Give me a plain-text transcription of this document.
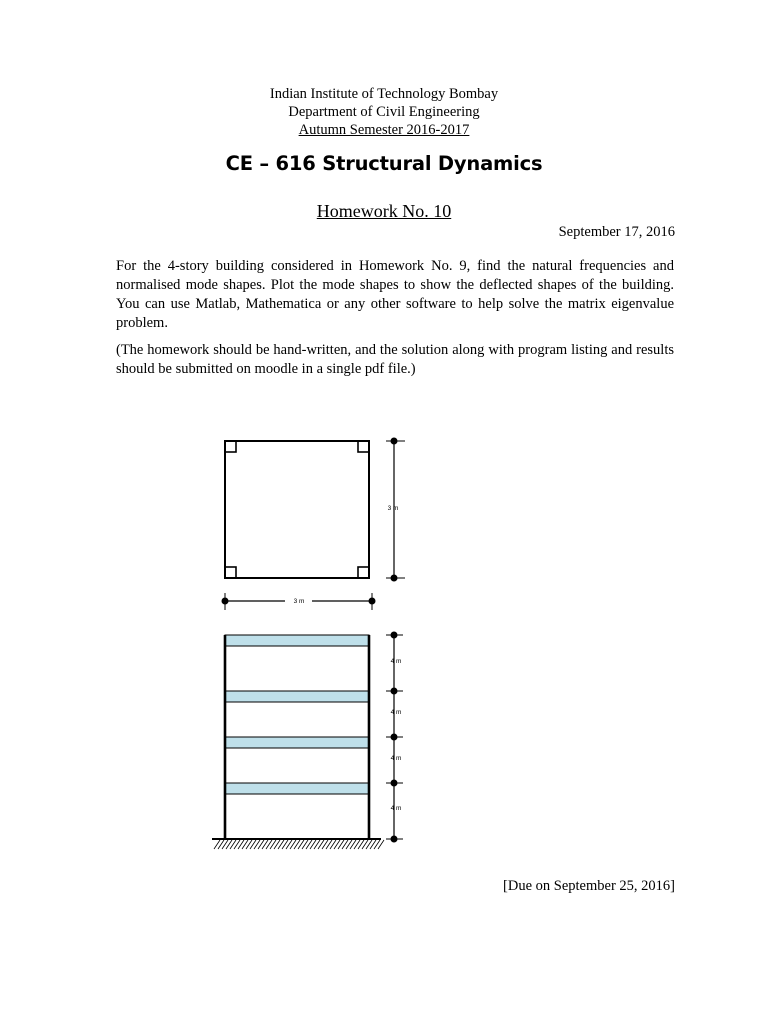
Indian Institute of Technology Bombay
Department of Civil Engineering
Autumn Semester 2016-2017
CE – 616 Structural Dynamics
Homework No. 10
September 17, 2016
For the 4-story building considered in Homework No. 9, find the natural frequencies and normalised mode shapes. Plot the mode shapes to show the deflected shapes of the building. You can use Matlab, Mathematica or any other software to help solve the matrix eigenvalue problem.
(The homework should be hand-written, and the solution along with program listing and results should be submitted on moodle in a single pdf file.)
3 m
3 m
4 m
4 m
4 m
4 m
[Due on September 25, 2016]
